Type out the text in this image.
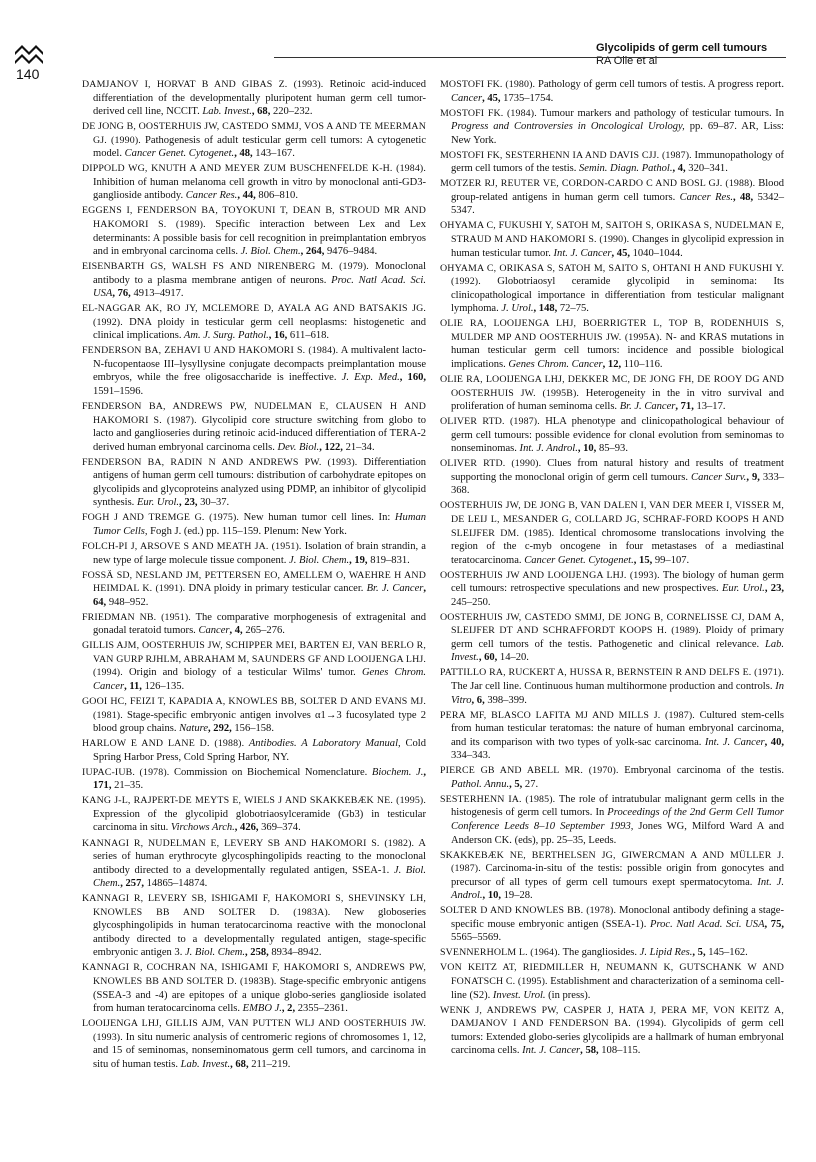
140
Glycolipids of germ cell tumours
RA Olie et al

DAMJANOV I, HORVAT B AND GIBAS Z. (1993). Retinoic acid-induced differentiation of the developmentally pluripotent human germ cell tumor-derived cell line, NCCIT. Lab. Invest., 68, 220–232.

DE JONG B, OOSTERHUIS JW, CASTEDO SMMJ, VOS A AND TE MEERMAN GJ. (1990). Pathogenesis of adult testicular germ cell tumors: A cytogenetic model. Cancer Genet. Cytogenet., 48, 143–167.

DIPPOLD WG, KNUTH A AND MEYER ZUM BUSCHENFELDE K-H. (1984). Inhibition of human melanoma cell growth in vitro by monoclonal anti-GD3-ganglioside antibody. Cancer Res., 44, 806–810.

EGGENS I, FENDERSON BA, TOYOKUNI T, DEAN B, STROUD MR AND HAKOMORI S. (1989). Specific interaction between Lex and Lex determinants: A possible basis for cell recognition in preimplantation embryos and in embryonal carcinoma cells. J. Biol. Chem., 264, 9476–9484.

EISENBARTH GS, WALSH FS AND NIRENBERG M. (1979). Monoclonal antibody to a plasma membrane antigen of neurons. Proc. Natl Acad. Sci. USA, 76, 4913–4917.

EL-NAGGAR AK, RO JY, MCLEMORE D, AYALA AG AND BATSAKIS JG. (1992). DNA ploidy in testicular germ cell neoplasms: histogenetic and clinical implications. Am. J. Surg. Pathol., 16, 611–618.

FENDERSON BA, ZEHAVI U AND HAKOMORI S. (1984). A multivalent lacto-N-fucopentaose III–lysyllysine conjugate decompacts preimplantation mouse embryos, while the free oligosaccharide is ineffective. J. Exp. Med., 160, 1591–1596.

FENDERSON BA, ANDREWS PW, NUDELMAN E, CLAUSEN H AND HAKOMORI S. (1987). Glycolipid core structure switching from globo to lacto and ganglioseries during retinoic acid-induced differentiation of TERA-2 derived human embryonal carcinoma cells. Dev. Biol., 122, 21–34.

FENDERSON BA, RADIN N AND ANDREWS PW. (1993). Differentiation antigens of human germ cell tumours: distribution of carbohydrate epitopes on glycolipids and glycoproteins analyzed using PDMP, an inhibitor of glycolipid synthesis. Eur. Urol., 23, 30–37.

FOGH J AND TREMGE G. (1975). New human tumor cell lines. In: Human Tumor Cells, Fogh J. (ed.) pp. 115–159. Plenum: New York.

FOLCH-PI J, ARSOVE S AND MEATH JA. (1951). Isolation of brain strandin, a new type of large molecule tissue component. J. Biol. Chem., 19, 819–831.

FOSSÄ SD, NESLAND JM, PETTERSEN EO, AMELLEM O, WAEHRE H AND HEIMDAL K. (1991). DNA ploidy in primary testicular cancer. Br. J. Cancer, 64, 948–952.

FRIEDMAN NB. (1951). The comparative morphogenesis of extragenital and gonadal teratoid tumors. Cancer, 4, 265–276.

GILLIS AJM, OOSTERHUIS JW, SCHIPPER MEI, BARTEN EJ, VAN BERLO R, VAN GURP RJHLM, ABRAHAM M, SAUNDERS GF AND LOOIJENGA LHJ. (1994). Origin and biology of a testicular Wilms' tumor. Genes Chrom. Cancer, 11, 126–135.

GOOI HC, FEIZI T, KAPADIA A, KNOWLES BB, SOLTER D AND EVANS MJ. (1981). Stage-specific embryonic antigen involves α1→3 fucosylated type 2 blood group chains. Nature, 292, 156–158.

HARLOW E AND LANE D. (1988). Antibodies. A Laboratory Manual, Cold Spring Harbor Press, Cold Spring Harbor, NY.

IUPAC-IUB. (1978). Commission on Biochemical Nomenclature. Biochem. J., 171, 21–35.

KANG J-L, RAJPERT-DE MEYTS E, WIELS J AND SKAKKEBÆK NE. (1995). Expression of the glycolipid globotriaosylceramide (Gb3) in testicular carcinoma in situ. Virchows Arch., 426, 369–374.

KANNAGI R, NUDELMAN E, LEVERY SB AND HAKOMORI S. (1982). A series of human erythrocyte glycosphingolipids reacting to the monoclonal antibody directed to a developmentally regulated antigen, SSEA-1. J. Biol. Chem., 257, 14865–14874.

KANNAGI R, LEVERY SB, ISHIGAMI F, HAKOMORI S, SHEVINSKY LH, KNOWLES BB AND SOLTER D. (1983A). New globoseries glycosphingolipids in human teratocarcinoma reactive with the monoclonal antibody directed to a developmentally regulated antigen, stage-specific embryonic antigen 3. J. Biol. Chem., 258, 8934–8942.

KANNAGI R, COCHRAN NA, ISHIGAMI F, HAKOMORI S, ANDREWS PW, KNOWLES BB AND SOLTER D. (1983B). Stage-specific embryonic antigens (SSEA-3 and -4) are epitopes of a unique globo-series ganglioside isolated from human teratocarcinoma cells. EMBO J., 2, 2355–2361.

LOOIJENGA LHJ, GILLIS AJM, VAN PUTTEN WLJ AND OOSTERHUIS JW. (1993). In situ numeric analysis of centromeric regions of chromosomes 1, 12, and 15 of seminomas, nonseminomatous germ cell tumors, and carcinoma in situ of human testis. Lab. Invest., 68, 211–219.

MOSTOFI FK. (1980). Pathology of germ cell tumors of testis. A progress report. Cancer, 45, 1735–1754.

MOSTOFI FK. (1984). Tumour markers and pathology of testicular tumours. In Progress and Controversies in Oncological Urology, pp. 69–87. AR, Liss: New York.

MOSTOFI FK, SESTERHENN IA AND DAVIS CJJ. (1987). Immunopathology of germ cell tumors of the testis. Semin. Diagn. Pathol., 4, 320–341.

MOTZER RJ, REUTER VE, CORDON-CARDO C AND BOSL GJ. (1988). Blood group-related antigens in human germ cell tumors. Cancer Res., 48, 5342–5347.

OHYAMA C, FUKUSHI Y, SATOH M, SAITOH S, ORIKASA S, NUDELMAN E, STRAUD M AND HAKOMORI S. (1990). Changes in glycolipid expression in human testicular tumor. Int. J. Cancer, 45, 1040–1044.

OHYAMA C, ORIKASA S, SATOH M, SAITO S, OHTANI H AND FUKUSHI Y. (1992). Globotriaosyl ceramide glycolipid in seminoma: Its clinicopathological importance in differentiation from testicular malignant lymphoma. J. Urol., 148, 72–75.

OLIE RA, LOOIJENGA LHJ, BOERRIGTER L, TOP B, RODENHUIS S, MULDER MP AND OOSTERHUIS JW. (1995A). N- and KRAS mutations in human testicular germ cell tumors: incidence and possible biological implications. Genes Chrom. Cancer, 12, 110–116.

OLIE RA, LOOIJENGA LHJ, DEKKER MC, DE JONG FH, DE ROOY DG AND OOSTERHUIS JW. (1995B). Heterogeneity in the in vitro survival and proliferation of human seminoma cells. Br. J. Cancer, 71, 13–17.

OLIVER RTD. (1987). HLA phenotype and clinicopathological behaviour of germ cell tumours: possible evidence for clonal evolution from seminomas to nonseminomas. Int. J. Androl., 10, 85–93.

OLIVER RTD. (1990). Clues from natural history and results of treatment supporting the monoclonal origin of germ cell tumours. Cancer Surv., 9, 333–368.

OOSTERHUIS JW, DE JONG B, VAN DALEN I, VAN DER MEER I, VISSER M, DE LEIJ L, MESANDER G, COLLARD JG, SCHRAF-FORD KOOPS H AND SLEIJFER DM. (1985). Identical chromosome translocations involving the region of the c-myb oncogene in four metastases of a mediastinal teratocarcinoma. Cancer Genet. Cytogenet., 15, 99–107.

OOSTERHUIS JW AND LOOIJENGA LHJ. (1993). The biology of human germ cell tumours: retrospective speculations and new prospectives. Eur. Urol., 23, 245–250.

OOSTERHUIS JW, CASTEDO SMMJ, DE JONG B, CORNELISSE CJ, DAM A, SLEIJFER DT AND SCHRAFFORDT KOOPS H. (1989). Ploidy of primary germ cell tumors of the testis. Pathogenetic and clinical relevance. Lab. Invest., 60, 14–20.

PATTILLO RA, RUCKERT A, HUSSA R, BERNSTEIN R AND DELFS E. (1971). The Jar cell line. Continuous human multihormone production and controls. In Vitro, 6, 398–399.

PERA MF, BLASCO LAFITA MJ AND MILLS J. (1987). Cultured stem-cells from human testicular teratomas: the nature of human embryonal carcinoma, and its comparison with two types of yolk-sac carcinoma. Int. J. Cancer, 40, 334–343.

PIERCE GB AND ABELL MR. (1970). Embryonal carcinoma of the testis. Pathol. Annu., 5, 27.

SESTERHENN IA. (1985). The role of intratubular malignant germ cells in the histogenesis of germ cell tumors. In Proceedings of the 2nd Germ Cell Tumor Conference Leeds 8–10 September 1993, Jones WG, Milford Ward A and Anderson CK. (eds), pp. 25–35, Leeds.

SKAKKEBÆK NE, BERTHELSEN JG, GIWERCMAN A AND MÜLLER J. (1987). Carcinoma-in-situ of the testis: possible origin from gonocytes and precursor of all types of germ cell tumours exept spermatocytoma. Int. J. Androl., 10, 19–28.

SOLTER D AND KNOWLES BB. (1978). Monoclonal antibody defining a stage-specific mouse embryonic antigen (SSEA-1). Proc. Natl Acad. Sci. USA, 75, 5565–5569.

SVENNERHOLM L. (1964). The gangliosides. J. Lipid Res., 5, 145–162.

VON KEITZ AT, RIEDMILLER H, NEUMANN K, GUTSCHANK W AND FONATSCH C. (1995). Establishment and characterization of a seminoma cell-line (S2). Invest. Urol. (in press).

WENK J, ANDREWS PW, CASPER J, HATA J, PERA MF, VON KEITZ A, DAMJANOV I AND FENDERSON BA. (1994). Glycolipids of germ cell tumors: Extended globo-series glycolipids are a hallmark of human embryonal carcinoma cells. Int. J. Cancer, 58, 108–115.
